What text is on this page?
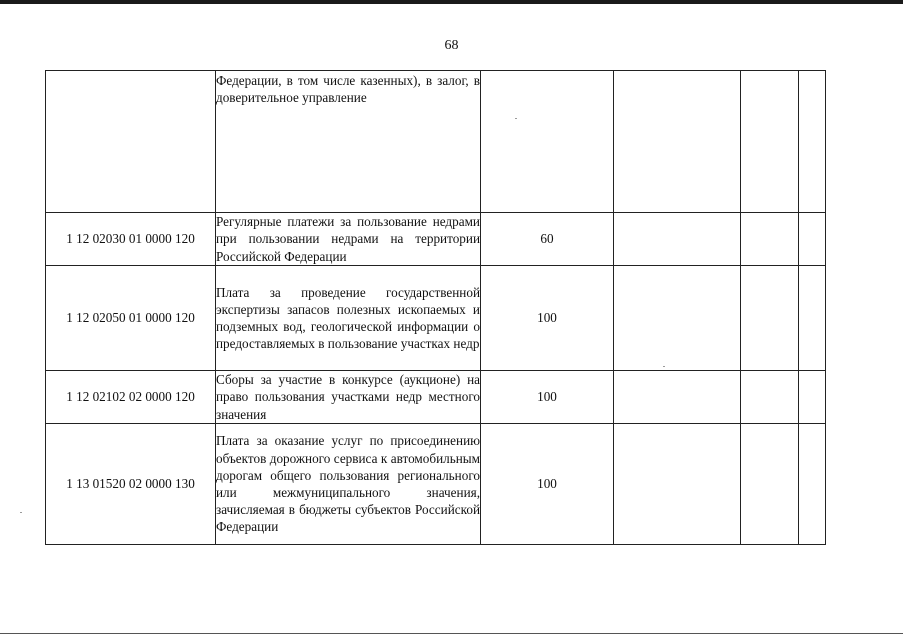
68

	Федерации, в том числе казенных), в залог, в доверительное управление				

1 12 02030 01 0000 120	Регулярные платежи за пользование недрами при пользовании недрами на территории Российской Федерации	60			
1 12 02050 01 0000 120	Плата за проведение государственной экспертизы запасов полезных ископаемых и подземных вод, геологической информации о предоставляемых в пользование участках недр	100			
1 12 02102 02 0000 120	Сборы за участие в конкурсе (аукционе) на право пользования участками недр местного значения	100			
1 13 01520 02 0000 130	Плата за оказание услуг по присоединению объектов дорожного сервиса к автомобильным дорогам общего пользования регионального или межмуниципального значения, зачисляемая в бюджеты субъектов Российской Федерации	100			
